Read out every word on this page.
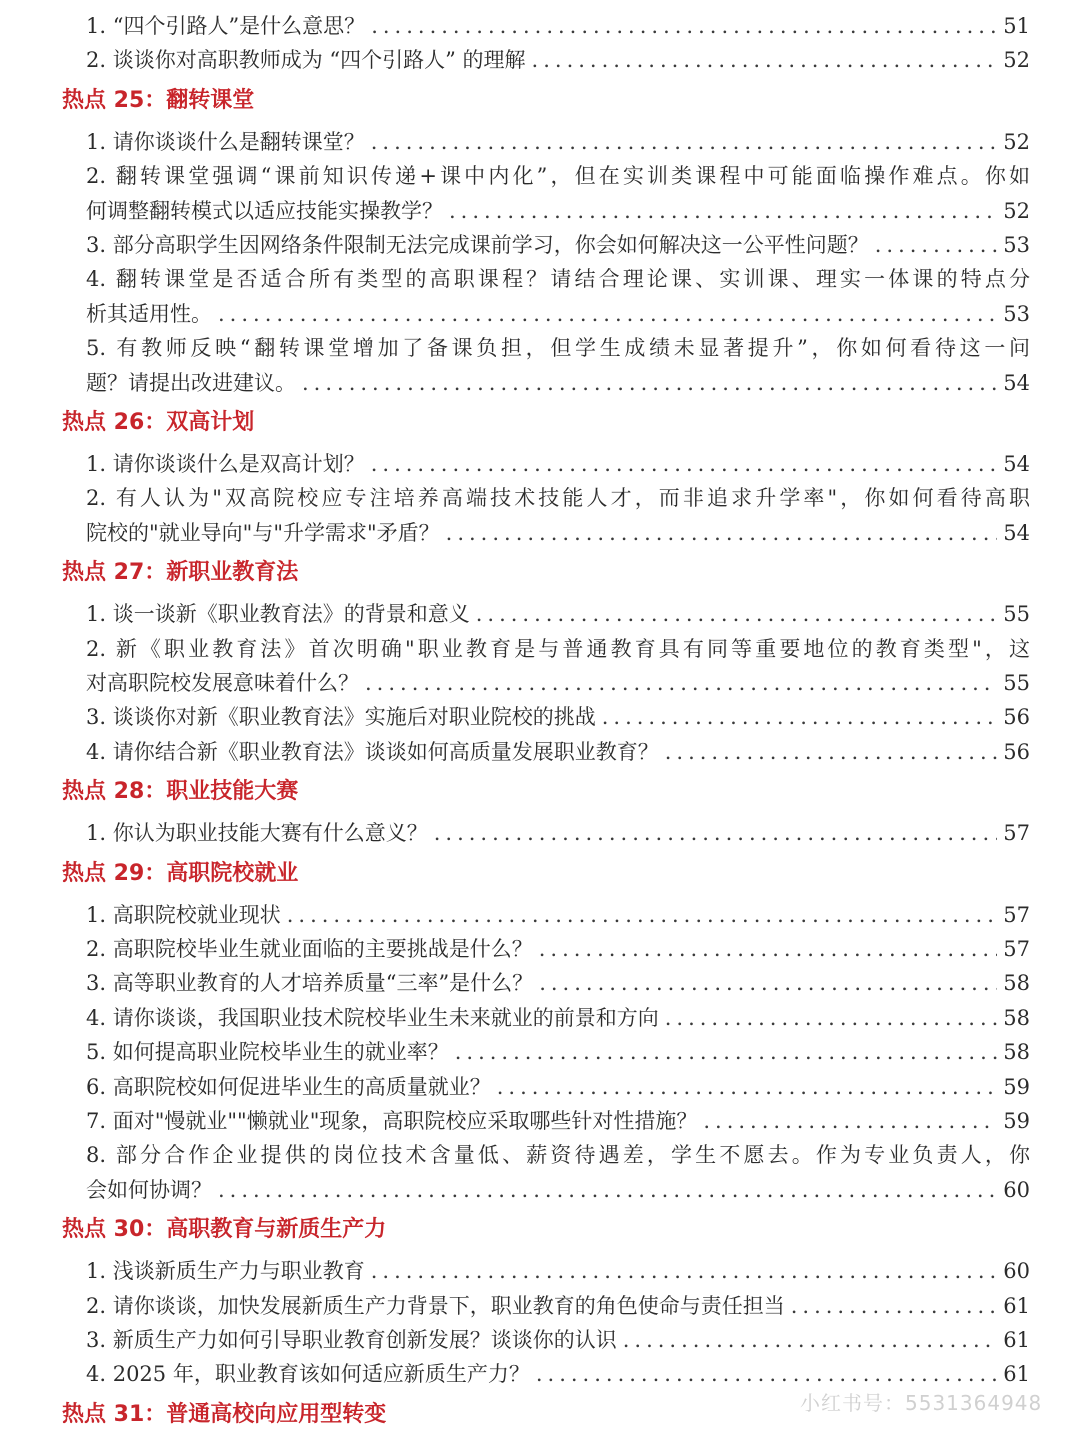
1. “四个引路人”是什么意思？ .....	51
2. 谈谈你对高职教师成为 “四个引路人” 的理解 .....	52
热点 25：翻转课堂
1. 请你谈谈什么是翻转课堂？ .....	52
2. 翻转课堂强调“课前知识传递+课中内化”，但在实训类课程中可能面临操作难点。你如
何调整翻转模式以适应技能实操教学？ .....	52
3. 部分高职学生因网络条件限制无法完成课前学习，你会如何解决这一公平性问题？ .....	53
4. 翻转课堂是否适合所有类型的高职课程？请结合理论课、实训课、理实一体课的特点分
析其适用性。 .....	53
5. 有教师反映“翻转课堂增加了备课负担，但学生成绩未显著提升”，你如何看待这一问
题？请提出改进建议。 .....	54
热点 26：双高计划
1. 请你谈谈什么是双高计划？ .....	54
2. 有人认为"双高院校应专注培养高端技术技能人才，而非追求升学率"，你如何看待高职
院校的"就业导向"与"升学需求"矛盾？ .....	54
热点 27：新职业教育法
1. 谈一谈新《职业教育法》的背景和意义 .....	55
2. 新《职业教育法》首次明确"职业教育是与普通教育具有同等重要地位的教育类型"，这
对高职院校发展意味着什么？ .....	55
3. 谈谈你对新《职业教育法》实施后对职业院校的挑战 .....	56
4. 请你结合新《职业教育法》谈谈如何高质量发展职业教育？ .....	56
热点 28：职业技能大赛
1. 你认为职业技能大赛有什么意义？ .....	57
热点 29：高职院校就业
1. 高职院校就业现状 .....	57
2. 高职院校毕业生就业面临的主要挑战是什么？ .....	57
3. 高等职业教育的人才培养质量“三率”是什么？ .....	58
4. 请你谈谈，我国职业技术院校毕业生未来就业的前景和方向 .....	58
5. 如何提高职业院校毕业生的就业率？ .....	58
6. 高职院校如何促进毕业生的高质量就业？ .....	59
7. 面对"慢就业""懒就业"现象，高职院校应采取哪些针对性措施？ .....	59
8. 部分合作企业提供的岗位技术含量低、薪资待遇差，学生不愿去。作为专业负责人，你
会如何协调？ .....	60
热点 30：高职教育与新质生产力
1. 浅谈新质生产力与职业教育 .....	60
2. 请你谈谈，加快发展新质生产力背景下，职业教育的角色使命与责任担当 .....	61
3. 新质生产力如何引导职业教育创新发展？谈谈你的认识 .....	61
4. 2025 年，职业教育该如何适应新质生产力？ .....	61
热点 31：普通高校向应用型转变	小红书号：5531364948
